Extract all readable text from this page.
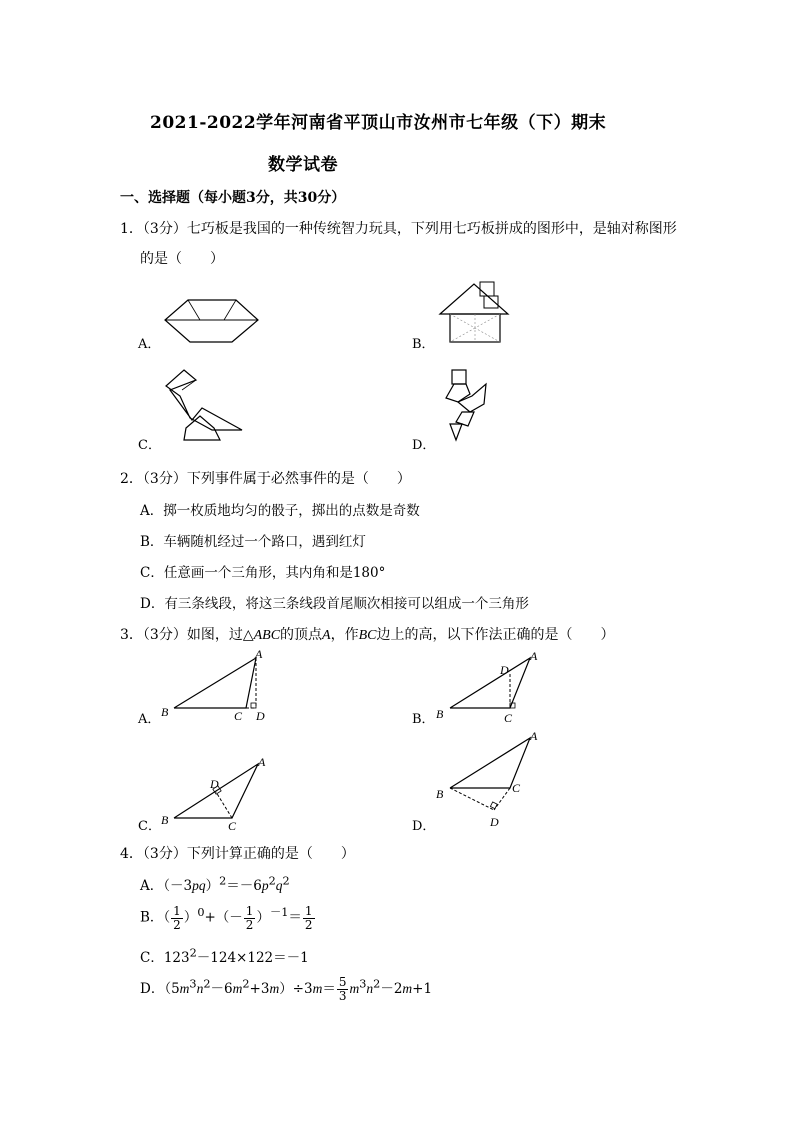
2021-2022学年河南省平顶山市汝州市七年级（下）期末
数学试卷
一、选择题（每小题3分，共30分）
1．（3分）七巧板是我国的一种传统智力玩具，下列用七巧板拼成的图形中，是轴对称图形
的是（　　）
A．	B．
C．	D．
2．（3分）下列事件属于必然事件的是（　　）
A．掷一枚质地均匀的骰子，掷出的点数是奇数
B．车辆随机经过一个路口，遇到红灯
C．任意画一个三角形，其内角和是180°
D．有三条线段，将这三条线段首尾顺次相接可以组成一个三角形
3．（3分）如图，过△ABC的顶点A，作BC边上的高，以下作法正确的是（　　）
A．	B．
C．	D．
A
B	C D
A
B	C
D
A
B	C
D
A
B	C
D
4．（3分）下列计算正确的是（　　）
A．$(-3pq)^2=-6p^2q^2$
B．（ $\frac{1}{2} )^0+(- \frac{1}{2} )^{-1}= \frac{1}{2}$
C．$123^2-124\times 122=-1$
D．$(5m^3n^2-6m^2+3m)\div 3m= \frac{5}{3} m^3n^2-2m+1$
